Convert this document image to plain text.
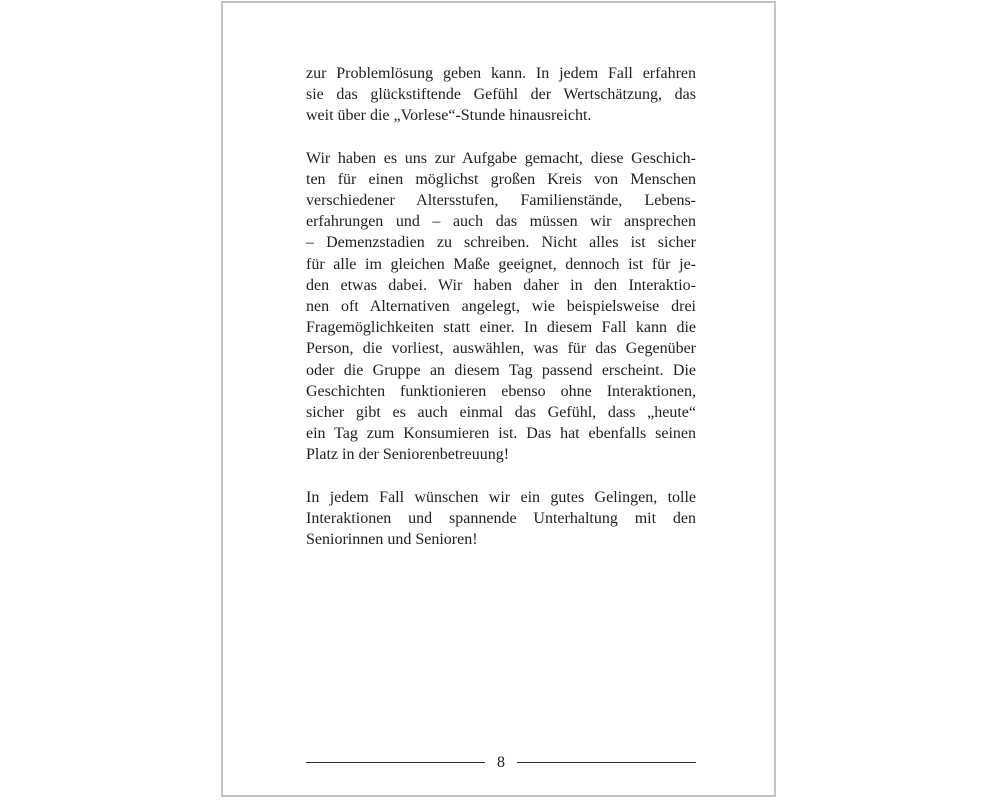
zur Problemlösung geben kann. In jedem Fall erfahren
sie das glückstiftende Gefühl der Wertschätzung, das
weit über die „Vorlese“-Stunde hinausreicht.

Wir haben es uns zur Aufgabe gemacht, diese Geschich-
ten für einen möglichst großen Kreis von Menschen
verschiedener Altersstufen, Familienstände, Lebens-
erfahrungen und – auch das müssen wir ansprechen
– Demenzstadien zu schreiben. Nicht alles ist sicher
für alle im gleichen Maße geeignet, dennoch ist für je-
den etwas dabei. Wir haben daher in den Interaktio-
nen oft Alternativen angelegt, wie beispielsweise drei
Fragemöglichkeiten statt einer. In diesem Fall kann die
Person, die vorliest, auswählen, was für das Gegenüber
oder die Gruppe an diesem Tag passend erscheint. Die
Geschichten funktionieren ebenso ohne Interaktionen,
sicher gibt es auch einmal das Gefühl, dass „heute“
ein Tag zum Konsumieren ist. Das hat ebenfalls seinen
Platz in der Seniorenbetreuung!

In jedem Fall wünschen wir ein gutes Gelingen, tolle
Interaktionen und spannende Unterhaltung mit den
Seniorinnen und Senioren!

8
